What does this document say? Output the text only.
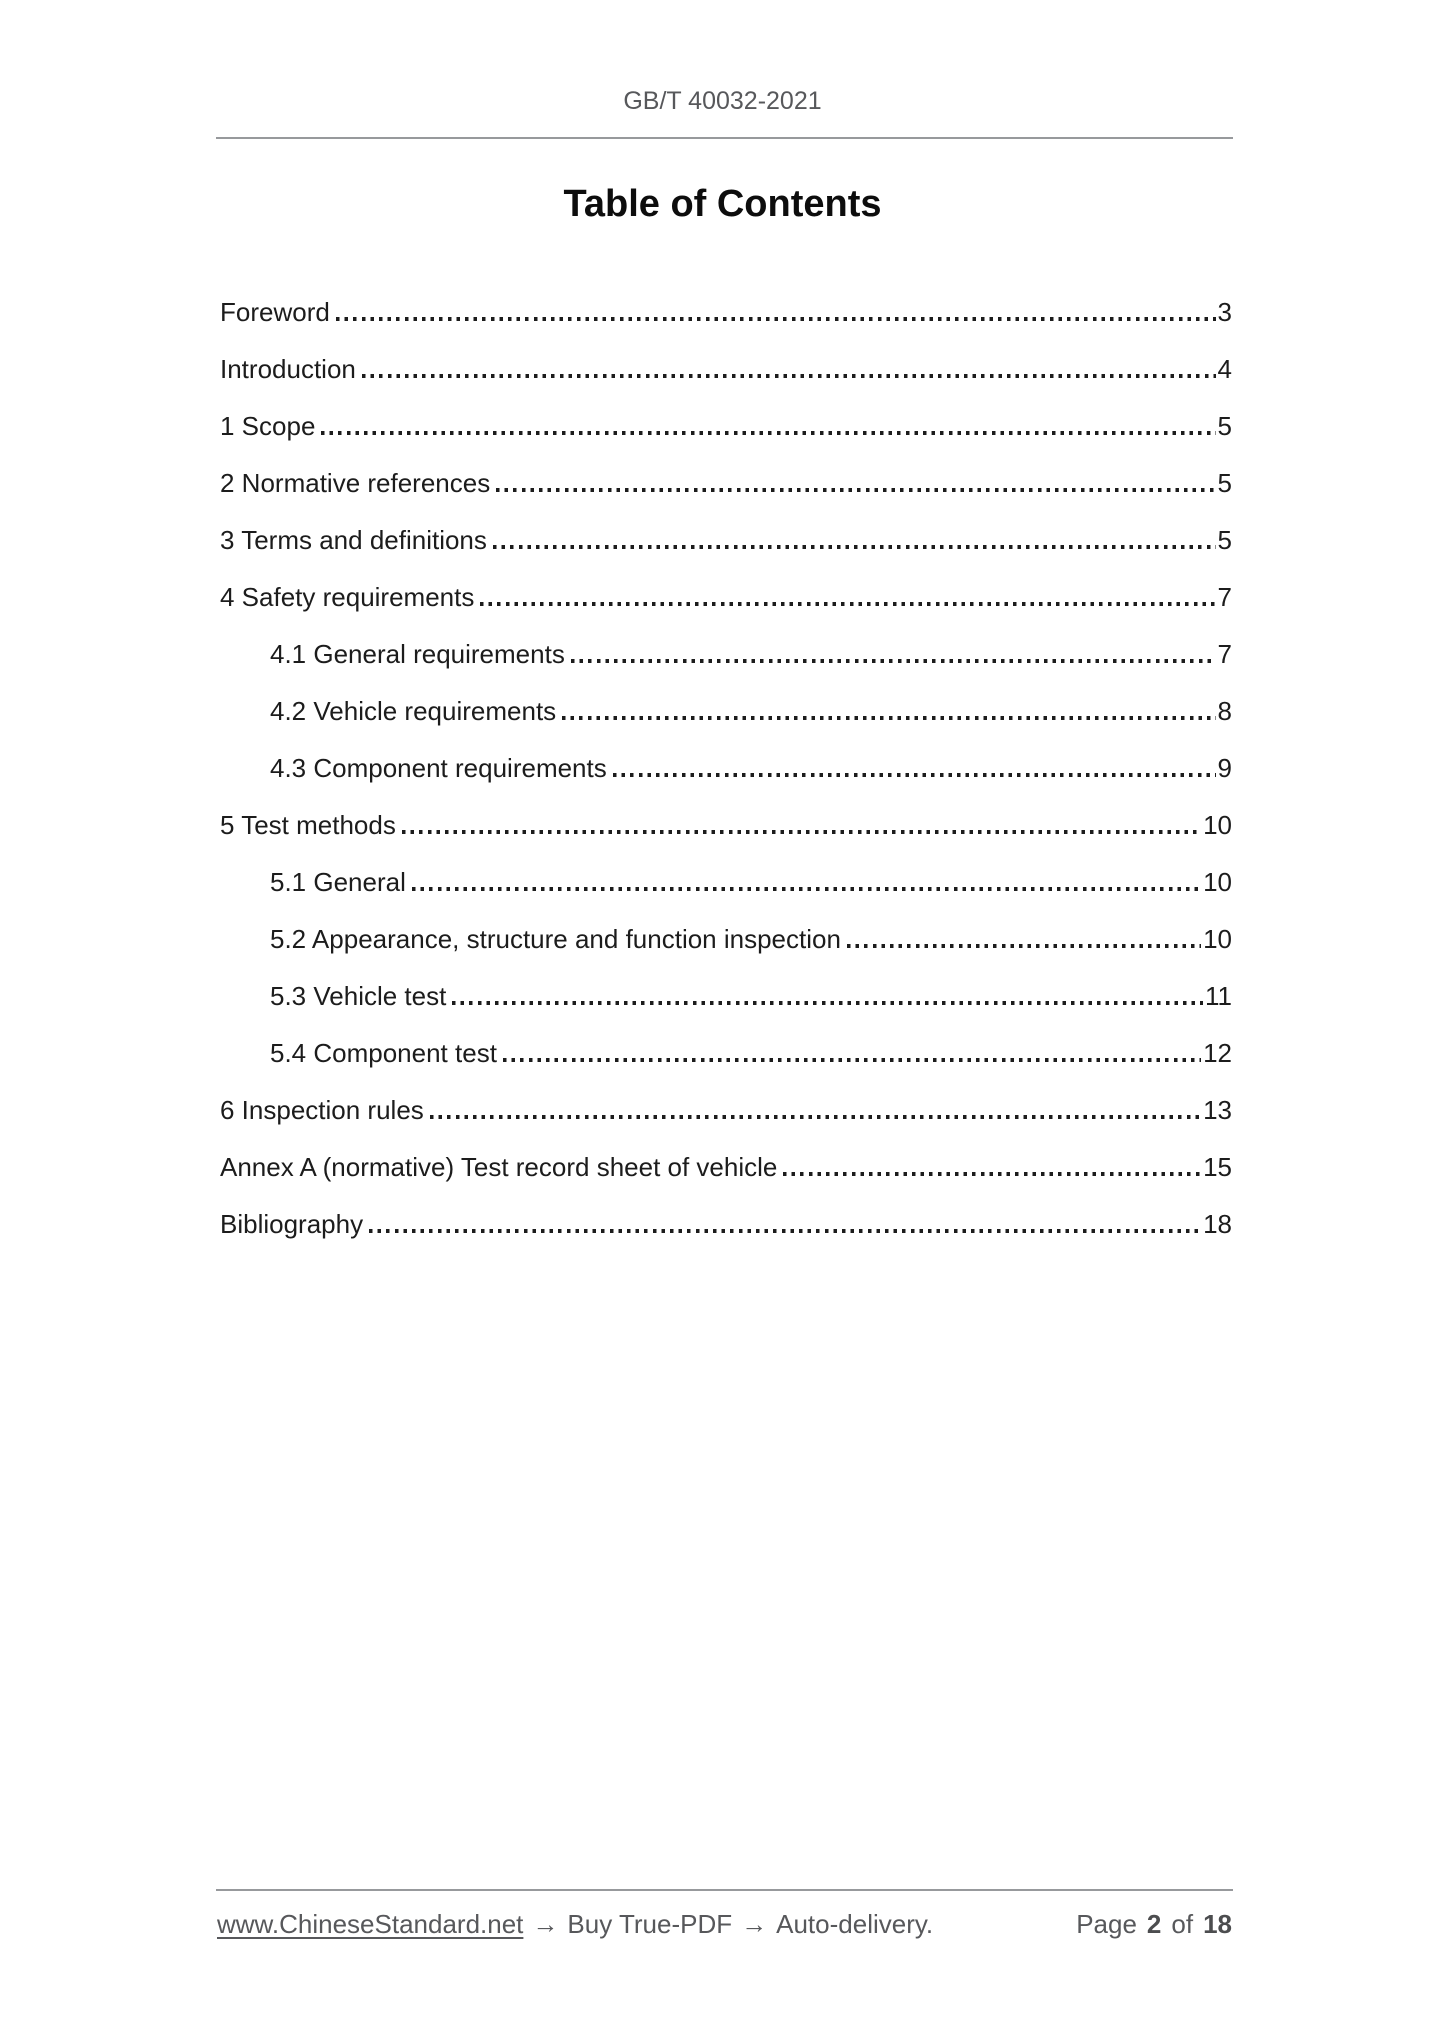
GB/T 40032-2021
Table of Contents
Foreword	3
Introduction	4
1 Scope	5
2 Normative references	5
3 Terms and definitions	5
4 Safety requirements	7
4.1 General requirements	7
4.2 Vehicle requirements	8
4.3 Component requirements	9
5 Test methods	10
5.1 General	10
5.2 Appearance, structure and function inspection	10
5.3 Vehicle test	11
5.4 Component test	12
6 Inspection rules	13
Annex A (normative) Test record sheet of vehicle	15
Bibliography	18
www.ChineseStandard.net → Buy True-PDF → Auto-delivery.	Page 2 of 18
